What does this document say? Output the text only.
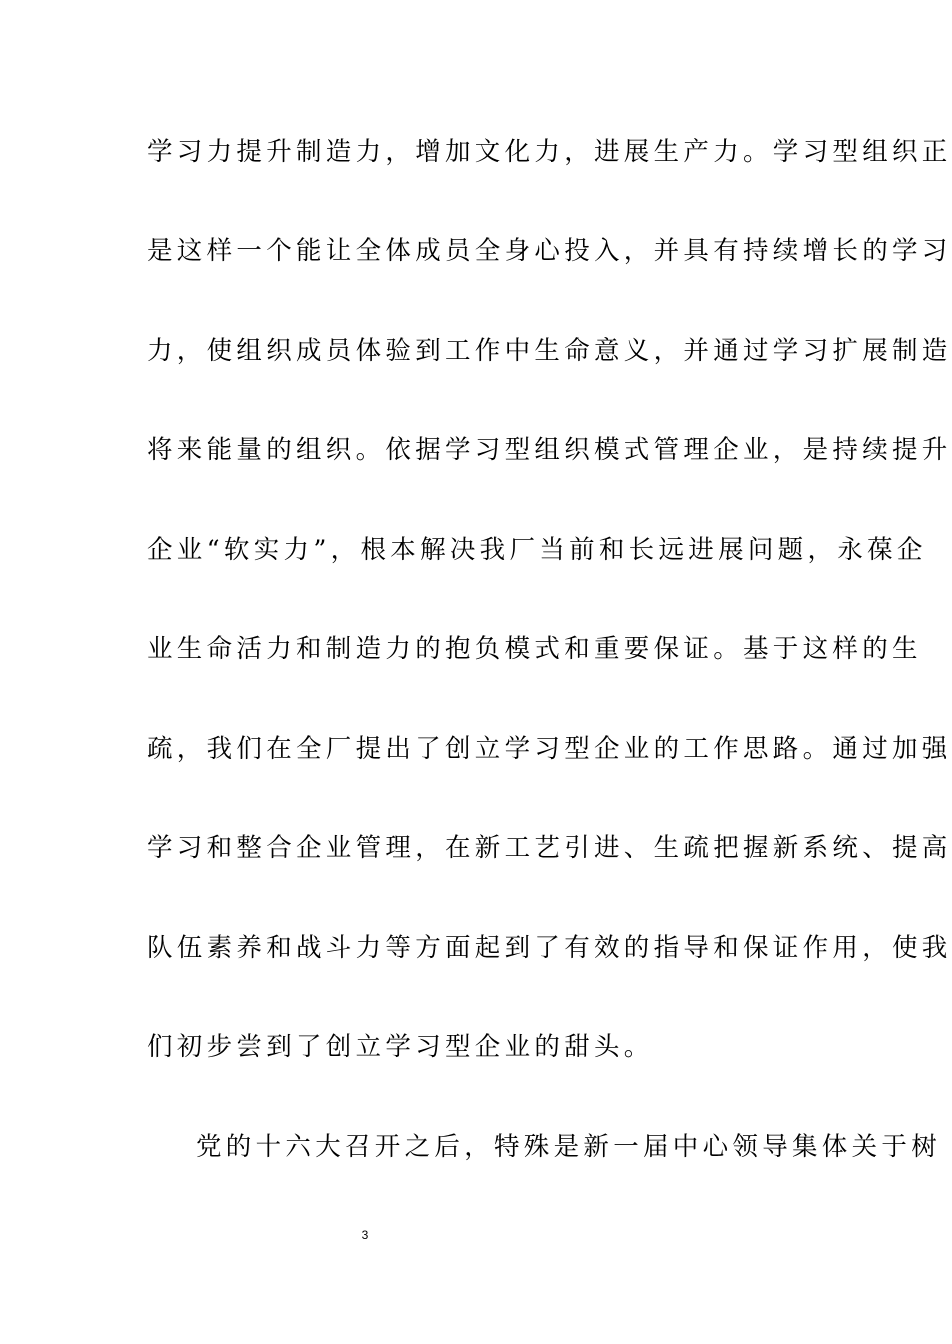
学习力提升制造力，增加文化力，进展生产力。学习型组织正
是这样一个能让全体成员全身心投入，并具有持续增长的学习
力，使组织成员体验到工作中生命意义，并通过学习扩展制造
将来能量的组织。依据学习型组织模式管理企业，是持续提升
企业“软实力”，根本解决我厂当前和长远进展问题，永葆企
业生命活力和制造力的抱负模式和重要保证。基于这样的生
疏，我们在全厂提出了创立学习型企业的工作思路。通过加强
学习和整合企业管理，在新工艺引进、生疏把握新系统、提高
队伍素养和战斗力等方面起到了有效的指导和保证作用，使我
们初步尝到了创立学习型企业的甜头。
党的十六大召开之后，特殊是新一届中心领导集体关于树
3
